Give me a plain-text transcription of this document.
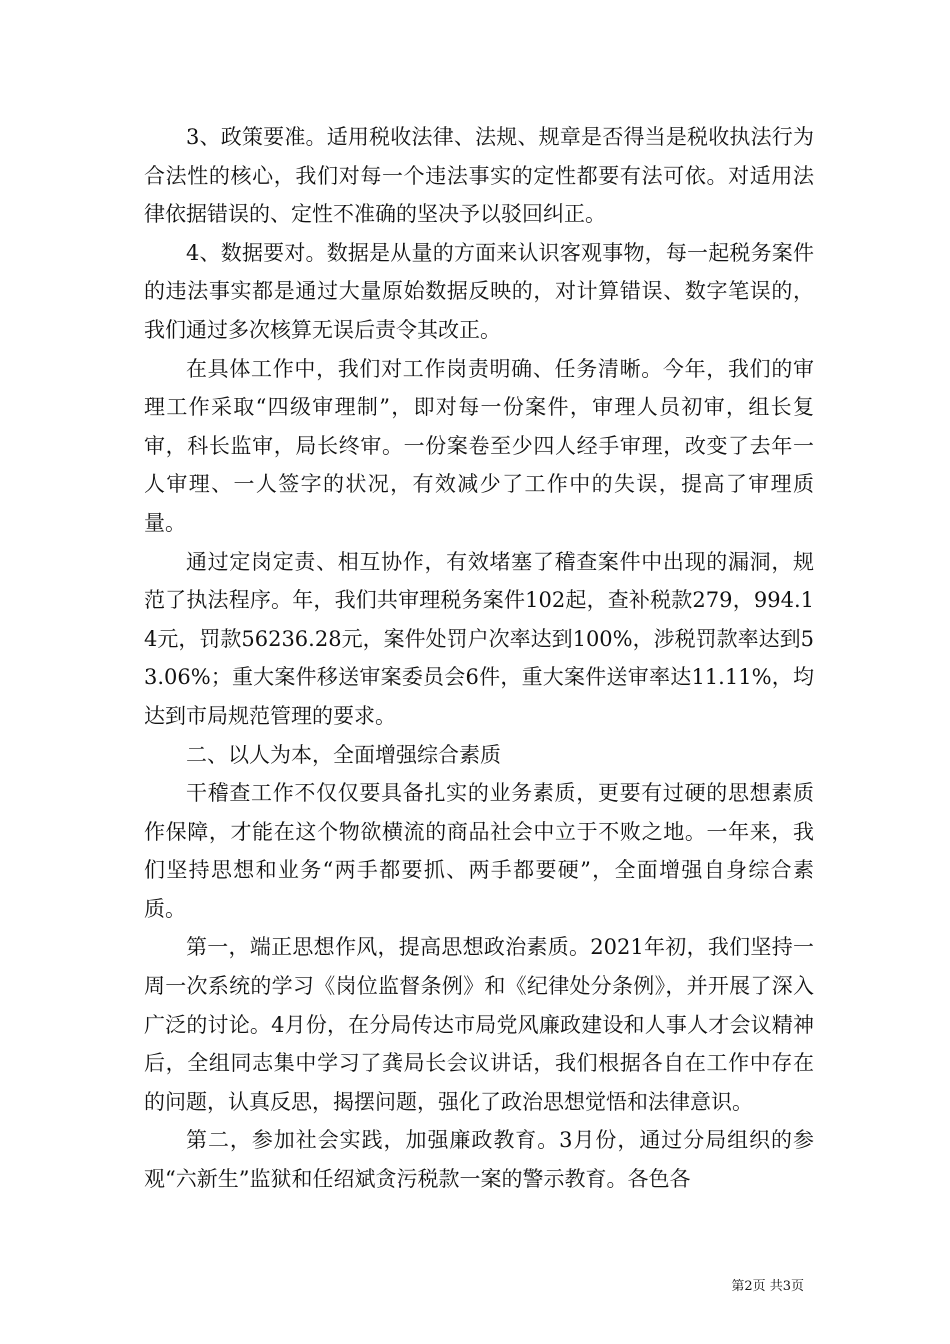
3、政策要准。适用税收法律、法规、规章是否得当是税收执法行为合法性的核心，我们对每一个违法事实的定性都要有法可依。对适用法律依据错误的、定性不准确的坚决予以驳回纠正。

4、数据要对。数据是从量的方面来认识客观事物，每一起税务案件的违法事实都是通过大量原始数据反映的，对计算错误、数字笔误的，我们通过多次核算无误后责令其改正。

在具体工作中，我们对工作岗责明确、任务清晰。今年，我们的审理工作采取“四级审理制”，即对每一份案件，审理人员初审，组长复审，科长监审，局长终审。一份案卷至少四人经手审理，改变了去年一人审理、一人签字的状况，有效减少了工作中的失误，提高了审理质量。

通过定岗定责、相互协作，有效堵塞了稽查案件中出现的漏洞，规范了执法程序。年，我们共审理税务案件102起，查补税款279，994.14元，罚款56236.28元，案件处罚户次率达到100%，涉税罚款率达到53.06%；重大案件移送审案委员会6件，重大案件送审率达11.11%，均达到市局规范管理的要求。

二、以人为本，全面增强综合素质

干稽查工作不仅仅要具备扎实的业务素质，更要有过硬的思想素质作保障，才能在这个物欲横流的商品社会中立于不败之地。一年来，我们坚持思想和业务“两手都要抓、两手都要硬”，全面增强自身综合素质。

第一，端正思想作风，提高思想政治素质。2021年初，我们坚持一周一次系统的学习《岗位监督条例》和《纪律处分条例》，并开展了深入广泛的讨论。4月份，在分局传达市局党风廉政建设和人事人才会议精神后，全组同志集中学习了龚局长会议讲话，我们根据各自在工作中存在的问题，认真反思，揭摆问题，强化了政治思想觉悟和法律意识。

第二，参加社会实践，加强廉政教育。3月份，通过分局组织的参观“六新生”监狱和任绍斌贪污税款一案的警示教育。各色各

第2页 共3页
